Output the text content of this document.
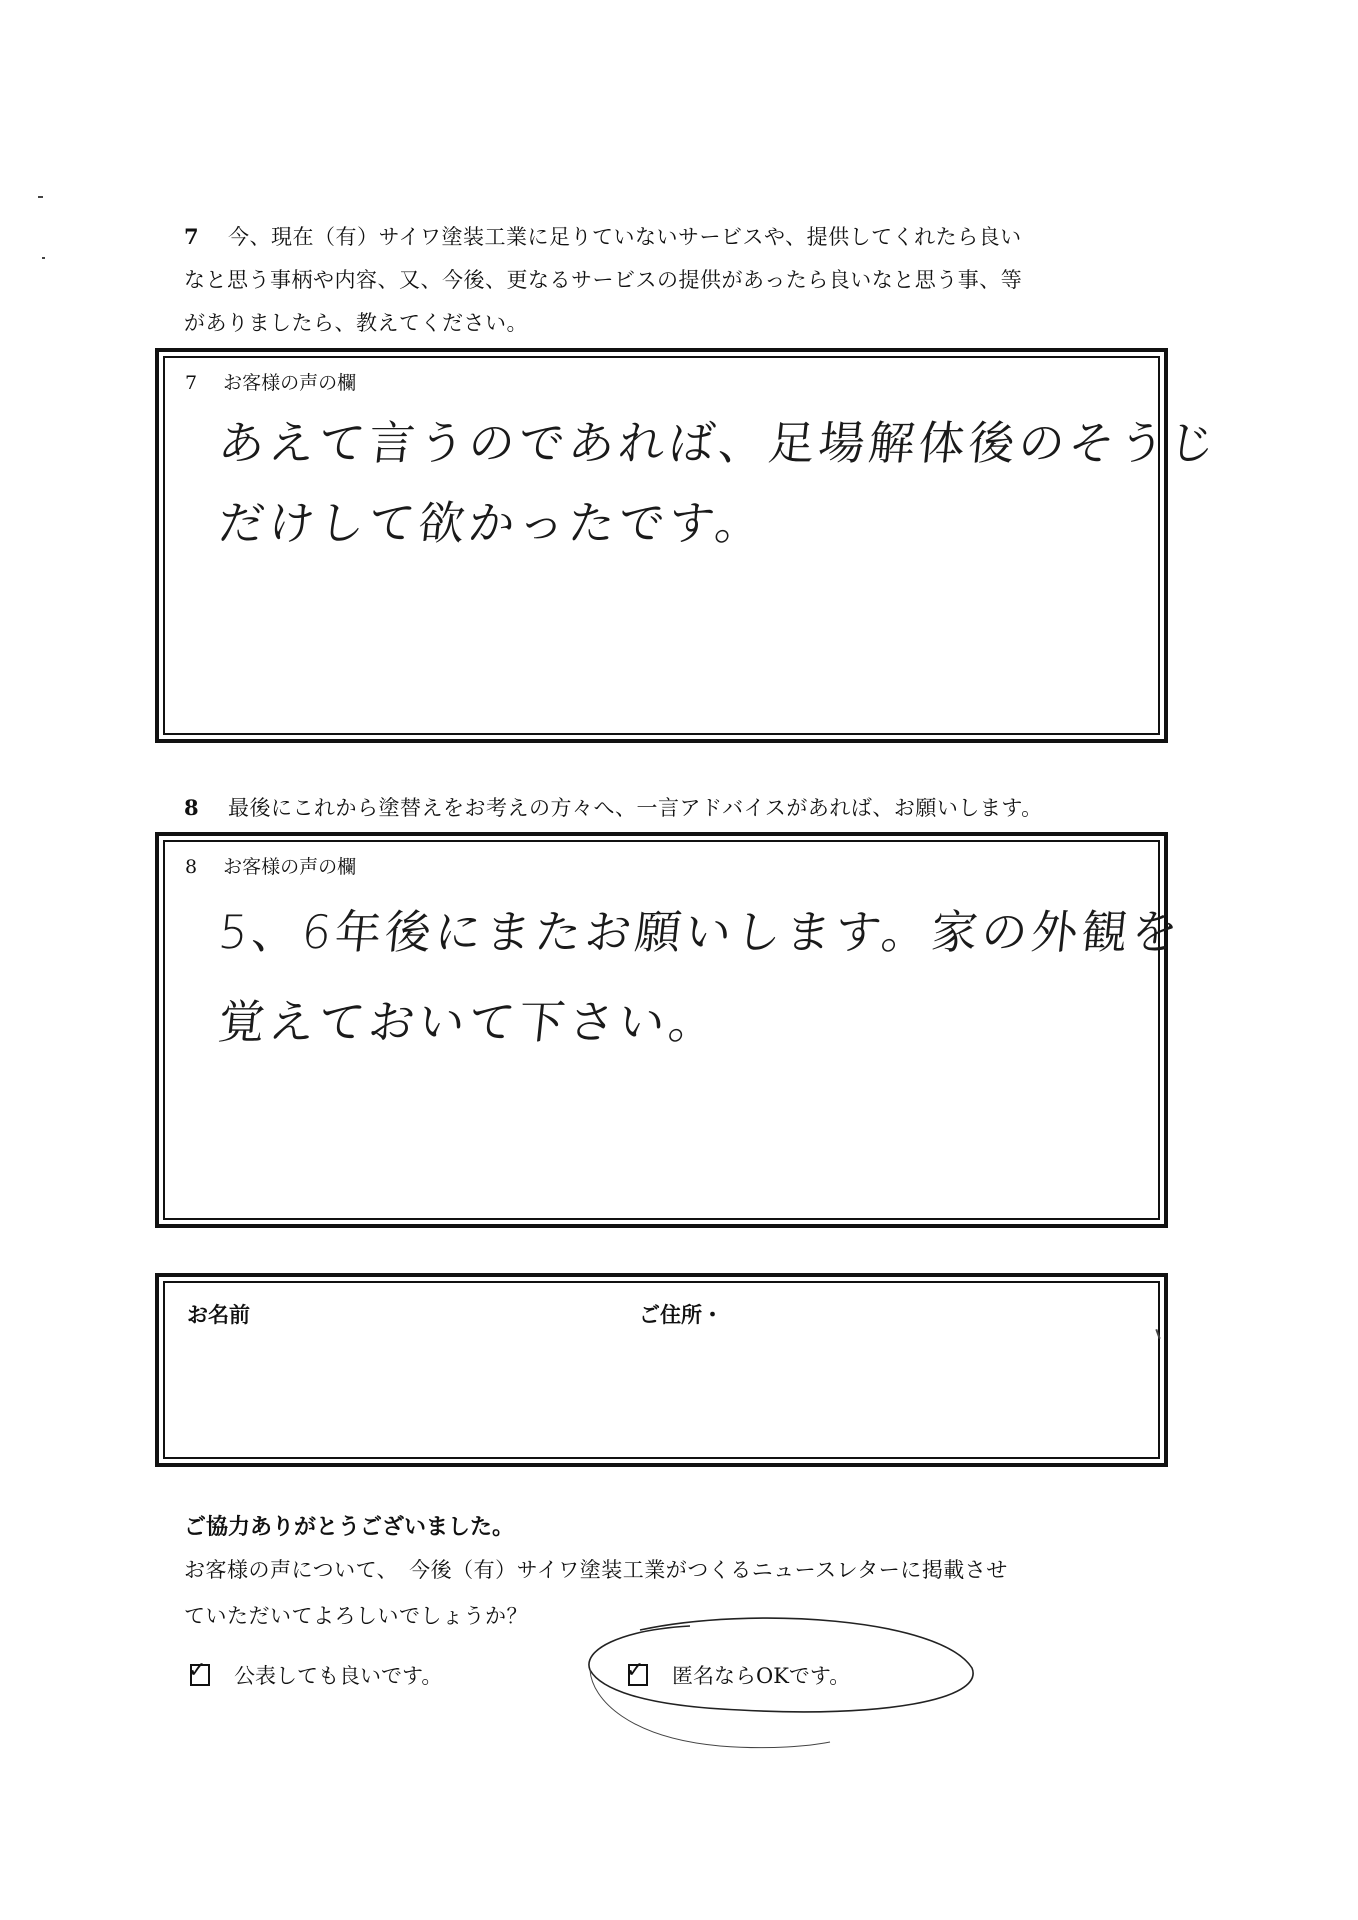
7 今、現在（有）サイワ塗装工業に足りていないサービスや、提供してくれたら良い
なと思う事柄や内容、又、今後、更なるサービスの提供があったら良いなと思う事、等
がありましたら、教えてください。
7 お客様の声の欄
あえて言うのであれば、足場解体後のそうじ
だけして欲かったです。
8 最後にこれから塗替えをお考えの方々へ、一言アドバイスがあれば、お願いします。
8 お客様の声の欄
5、6年後にまたお願いします。家の外観を
覚えておいて下さい。
お名前	ご住所・
ご協力ありがとうございました。
お客様の声について、　今後（有）サイワ塗装工業がつくるニュースレターに掲載させ
ていただいてよろしいでしょうか？
✓ 公表しても良いです。	✓ 匿名ならOKです。
